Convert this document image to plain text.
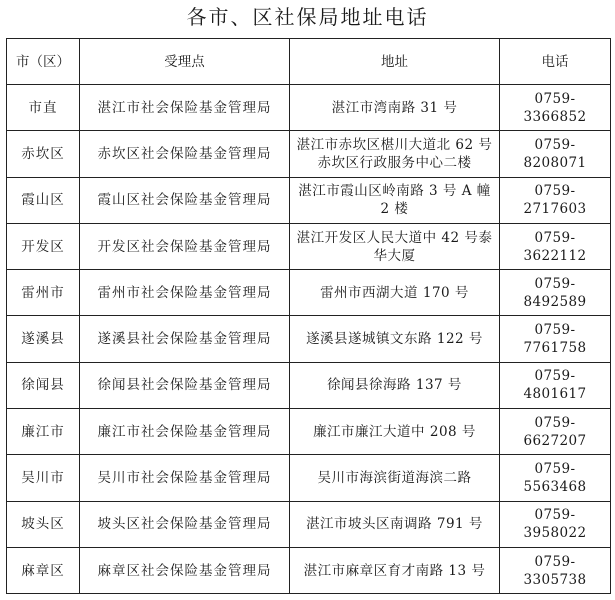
各市、区社保局地址电话
市（区）	受理点	地址	电话
市直	湛江市社会保险基金管理局	湛江市湾南路 31 号	0759-3366852
赤坎区	赤坎区社会保险基金管理局	湛江市赤坎区椹川大道北 62 号赤坎区行政服务中心二楼	0759-8208071
霞山区	霞山区社会保险基金管理局	湛江市霞山区岭南路 3 号 A 幢 2 楼	0759-2717603
开发区	开发区社会保险基金管理局	湛江开发区人民大道中 42 号泰华大厦	0759-3622112
雷州市	雷州市社会保险基金管理局	雷州市西湖大道 170 号	0759-8492589
遂溪县	遂溪县社会保险基金管理局	遂溪县遂城镇文东路 122 号	0759-7761758
徐闻县	徐闻县社会保险基金管理局	徐闻县徐海路 137 号	0759-4801617
廉江市	廉江市社会保险基金管理局	廉江市廉江大道中 208 号	0759-6627207
吴川市	吴川市社会保险基金管理局	吴川市海滨街道海滨二路	0759-5563468
坡头区	坡头区社会保险基金管理局	湛江市坡头区南调路 791 号	0759-3958022
麻章区	麻章区社会保险基金管理局	湛江市麻章区育才南路 13 号	0759-3305738
